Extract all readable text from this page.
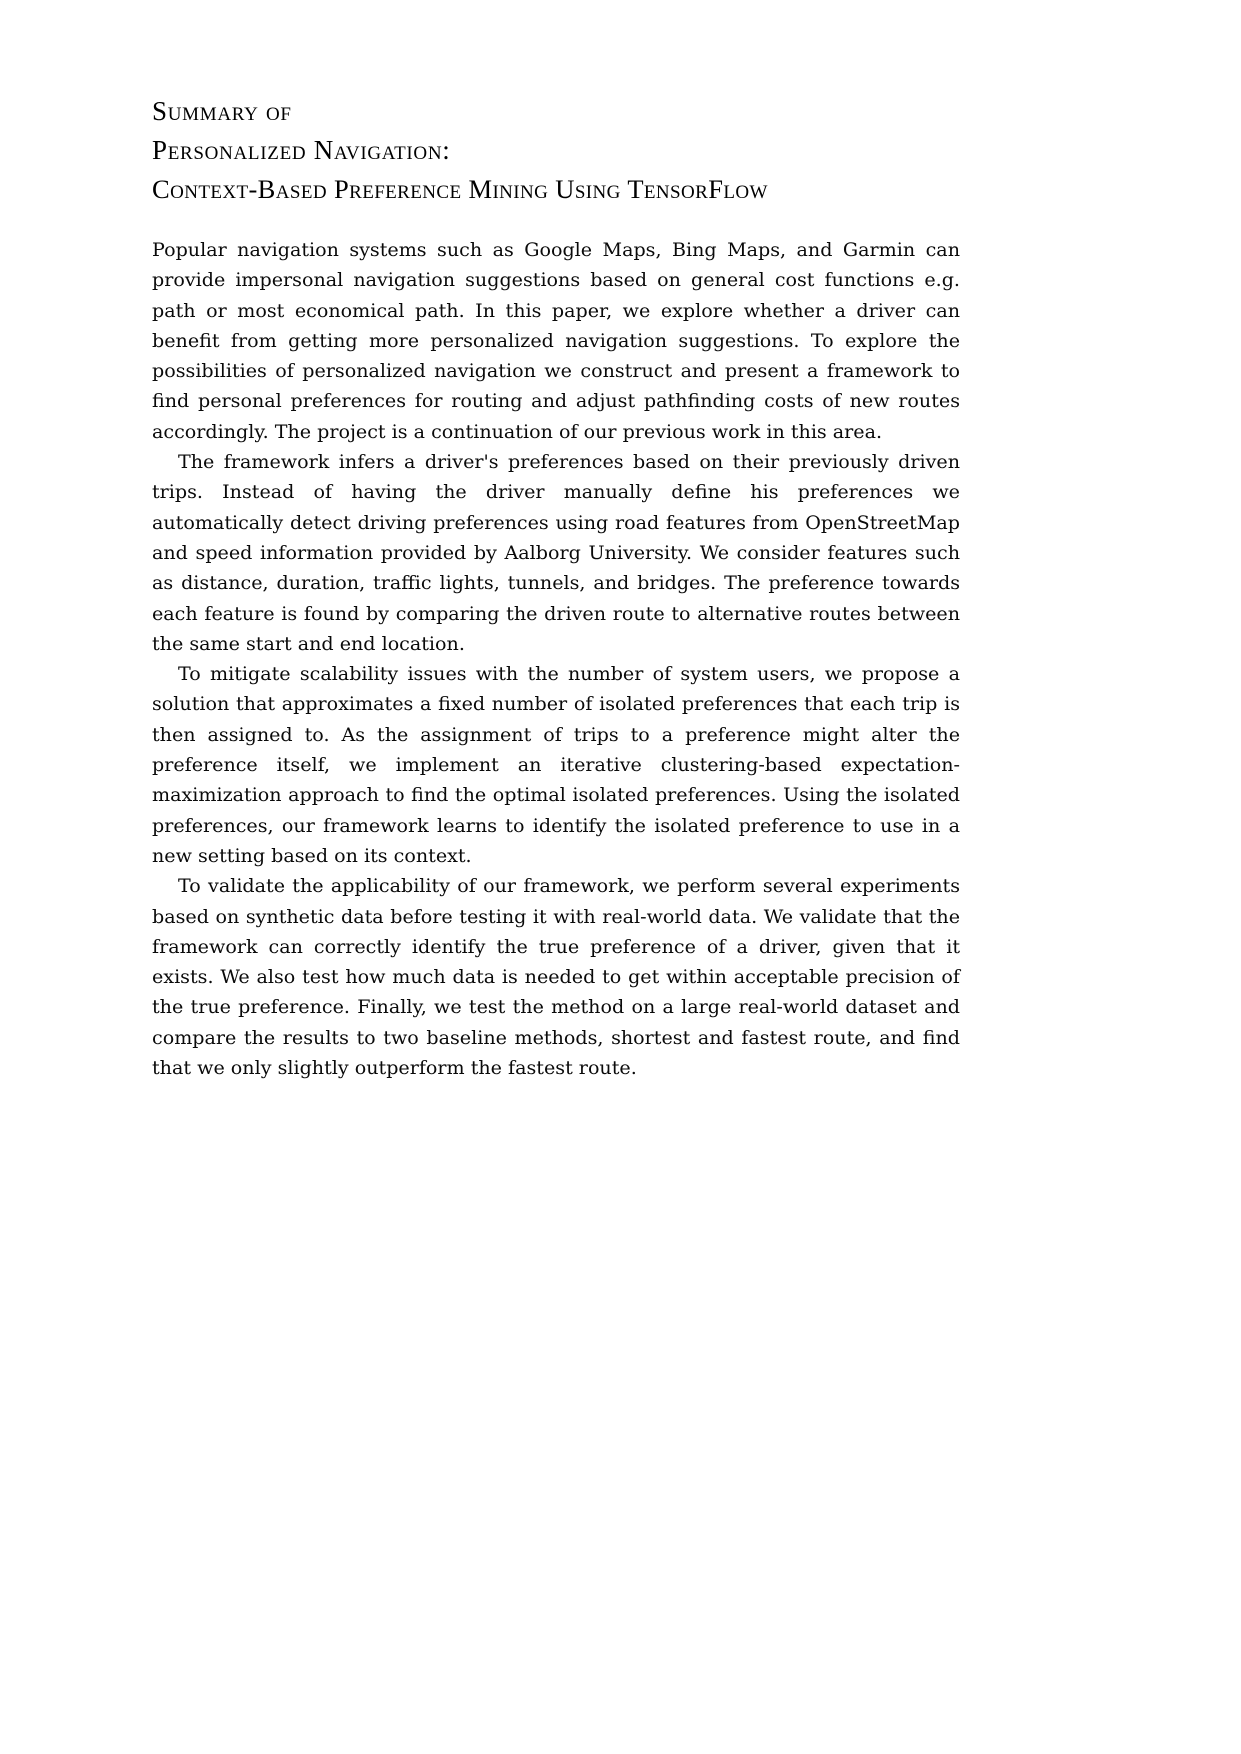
Summary of
Personalized Navigation:
Context-Based Preference Mining Using TensorFlow

Popular navigation systems such as Google Maps, Bing Maps, and Garmin can provide impersonal navigation suggestions based on general cost functions e.g. path or most economical path. In this paper, we explore whether a driver can benefit from getting more personalized navigation suggestions. To explore the possibilities of personalized navigation we construct and present a framework to find personal preferences for routing and adjust pathfinding costs of new routes accordingly. The project is a continuation of our previous work in this area.

The framework infers a driver's preferences based on their previously driven trips. Instead of having the driver manually define his preferences we automatically detect driving preferences using road features from OpenStreetMap and speed information provided by Aalborg University. We consider features such as distance, duration, traffic lights, tunnels, and bridges. The preference towards each feature is found by comparing the driven route to alternative routes between the same start and end location.

To mitigate scalability issues with the number of system users, we propose a solution that approximates a fixed number of isolated preferences that each trip is then assigned to. As the assignment of trips to a preference might alter the preference itself, we implement an iterative clustering-based expectation-maximization approach to find the optimal isolated preferences. Using the isolated preferences, our framework learns to identify the isolated preference to use in a new setting based on its context.

To validate the applicability of our framework, we perform several experiments based on synthetic data before testing it with real-world data. We validate that the framework can correctly identify the true preference of a driver, given that it exists. We also test how much data is needed to get within acceptable precision of the true preference. Finally, we test the method on a large real-world dataset and compare the results to two baseline methods, shortest and fastest route, and find that we only slightly outperform the fastest route.
